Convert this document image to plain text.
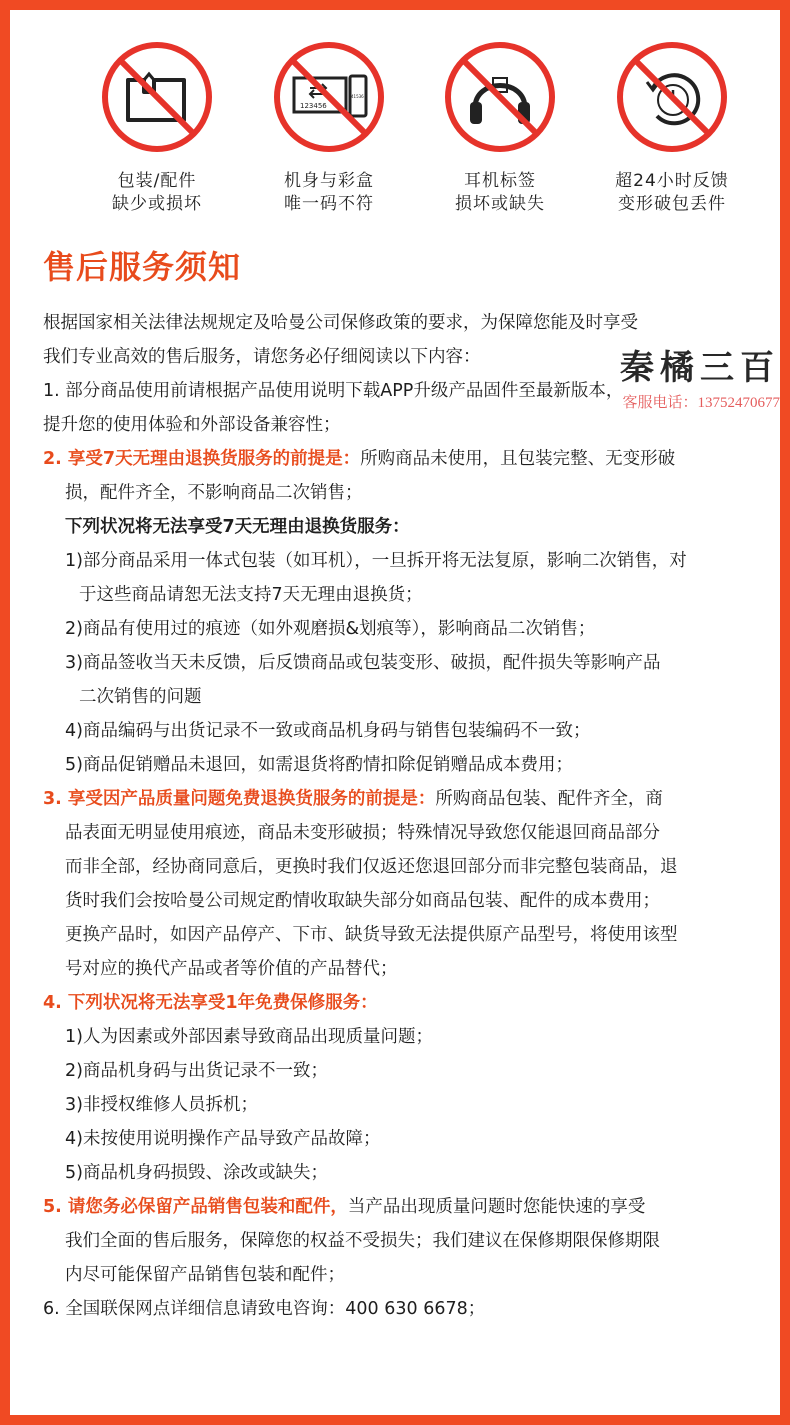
包装/配件
缺少或损坏
123456
41536
机身与彩盒
唯一码不符
耳机标签
损坏或缺失
超24小时反馈
变形破包丢件
售后服务须知

根据国家相关法律法规规定及哈曼公司保修政策的要求，为保障您能及时享受

我们专业高效的售后服务，请您务必仔细阅读以下内容：

1. 部分商品使用前请根据产品使用说明下载APP升级产品固件至最新版本，

提升您的使用体验和外部设备兼容性；

2. 享受7天无理由退换货服务的前提是：所购商品未使用，且包装完整、无变形破

损，配件齐全，不影响商品二次销售；

下列状况将无法享受7天无理由退换货服务：

1)部分商品采用一体式包装（如耳机），一旦拆开将无法复原，影响二次销售，对

于这些商品请恕无法支持7天无理由退换货；

2)商品有使用过的痕迹（如外观磨损&划痕等），影响商品二次销售；

3)商品签收当天未反馈，后反馈商品或包装变形、破损，配件损失等影响产品

二次销售的问题

4)商品编码与出货记录不一致或商品机身码与销售包装编码不一致；

5)商品促销赠品未退回，如需退货将酌情扣除促销赠品成本费用；

3. 享受因产品质量问题免费退换货服务的前提是：所购商品包装、配件齐全，商

品表面无明显使用痕迹，商品未变形破损；特殊情况导致您仅能退回商品部分

而非全部，经协商同意后，更换时我们仅返还您退回部分而非完整包装商品，退

货时我们会按哈曼公司规定酌情收取缺失部分如商品包装、配件的成本费用；

更换产品时，如因产品停产、下市、缺货导致无法提供原产品型号，将使用该型

号对应的换代产品或者等价值的产品替代；

4. 下列状况将无法享受1年免费保修服务：

1)人为因素或外部因素导致商品出现质量问题；

2)商品机身码与出货记录不一致；

3)非授权维修人员拆机；

4)未按使用说明操作产品导致产品故障；

5)商品机身码损毁、涂改或缺失；

5. 请您务必保留产品销售包装和配件，当产品出现质量问题时您能快速的享受

我们全面的售后服务，保障您的权益不受损失；我们建议在保修期限保修期限

内尽可能保留产品销售包装和配件；

6. 全国联保网点详细信息请致电咨询：400 630 6678；

秦橘三百
客服电话：13752470677
